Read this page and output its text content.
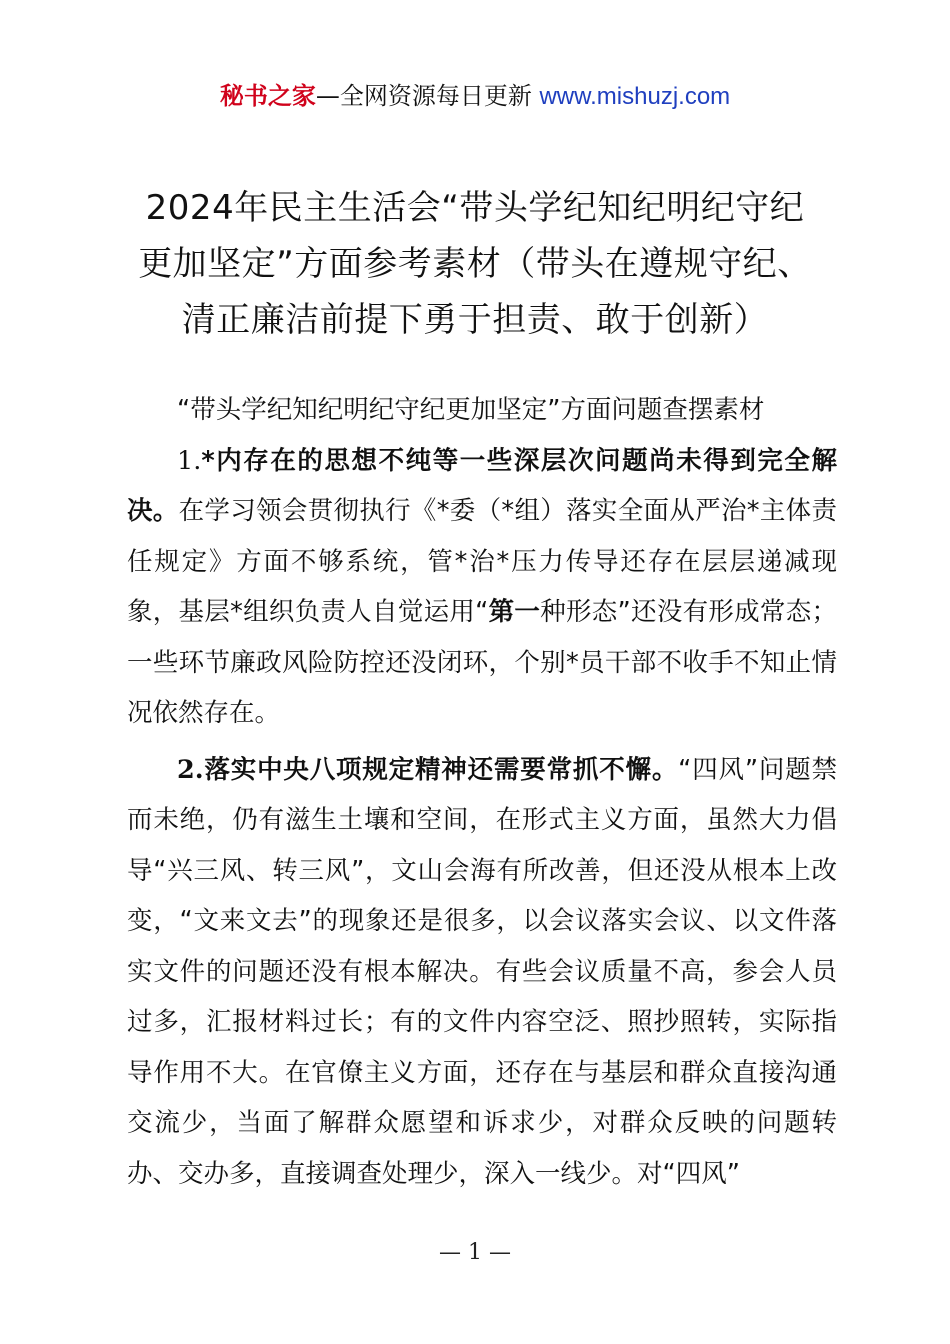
秘书之家—全网资源每日更新 www.mishuzj.com
2024年民主生活会“带头学纪知纪明纪守纪
更加坚定”方面参考素材（带头在遵规守纪、
清正廉洁前提下勇于担责、敢于创新）

“带头学纪知纪明纪守纪更加坚定”方面问题查摆素材

1.*内存在的思想不纯等一些深层次问题尚未得到完全解决。在学习领会贯彻执行《*委（*组）落实全面从严治*主体责任规定》方面不够系统，管*治*压力传导还存在层层递减现象，基层*组织负责人自觉运用“第一种形态”还没有形成常态；一些环节廉政风险防控还没闭环，个别*员干部不收手不知止情况依然存在。

2.落实中央八项规定精神还需要常抓不懈。“四风”问题禁而未绝，仍有滋生土壤和空间，在形式主义方面，虽然大力倡导“兴三风、转三风”，文山会海有所改善，但还没从根本上改变，“文来文去”的现象还是很多，以会议落实会议、以文件落实文件的问题还没有根本解决。有些会议质量不高，参会人员过多，汇报材料过长；有的文件内容空泛、照抄照转，实际指导作用不大。在官僚主义方面，还存在与基层和群众直接沟通交流少，当面了解群众愿望和诉求少，对群众反映的问题转办、交办多，直接调查处理少，深入一线少。对“四风”

— 1 —
